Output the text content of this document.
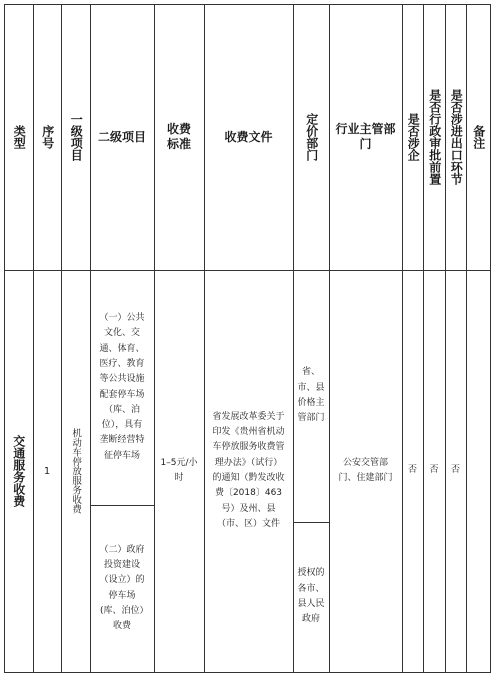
类型 序号 一级项目 二级项目
收费标准
收费文件	定价部门 行业主管部门	是否涉企 是否行政审批前置 是否涉进出口环节 备注
交通服务收费 1 机动车停放服务收费
（一）公共文化、交通、体育、医疗、教育等公共设施配套停车场（库、泊位），具有垄断经营特征停车场
（二）政府投资建设（设立）的停车场(库、泊位）收费
1–5元/小时
省发展改革委关于印发《贵州省机动车停放服务收费管理办法》（试行）的通知（黔发改收费〔2018〕463号）及州、县（市、区）文件
省、市、县价格主管部门
授权的各市、县人民政府
公安交管部门、住建部门
否 否 否
